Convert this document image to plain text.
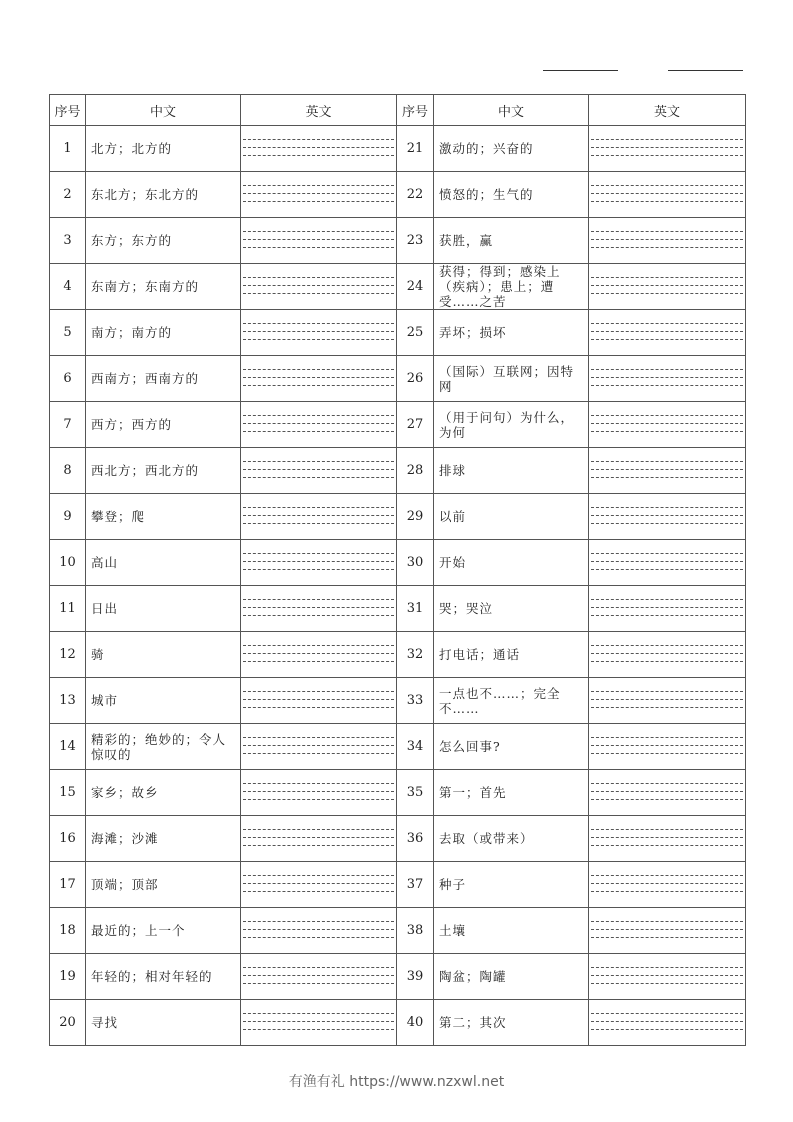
序号	中文	英文	序号	中文	英文
1	北方；北方的		21	激动的；兴奋的	

2	东北方；东北方的		22	愤怒的；生气的	

3	东方；东方的		23	获胜，赢	

4	东南方；东南方的		24	获得；得到；感染上（疾病）；患上；遭受……之苦	

5	南方；南方的		25	弄坏；损坏	

6	西南方；西南方的		26	（国际）互联网；因特网	

7	西方；西方的		27	（用于问句）为什么，为何	

8	西北方；西北方的		28	排球	

9	攀登；爬		29	以前	

10	高山		30	开始	

11	日出		31	哭；哭泣	

12	骑		32	打电话；通话	

13	城市		33	一点也不……；完全不……	

14	精彩的；绝妙的；令人惊叹的		34	怎么回事?	

15	家乡；故乡		35	第一；首先	

16	海滩；沙滩		36	去取（或带来）	

17	顶端；顶部		37	种子	

18	最近的；上一个		38	土壤	

19	年轻的；相对年轻的		39	陶盆；陶罐	

20	寻找		40	第二；其次	
有渔有礼 https://www.nzxwl.net
